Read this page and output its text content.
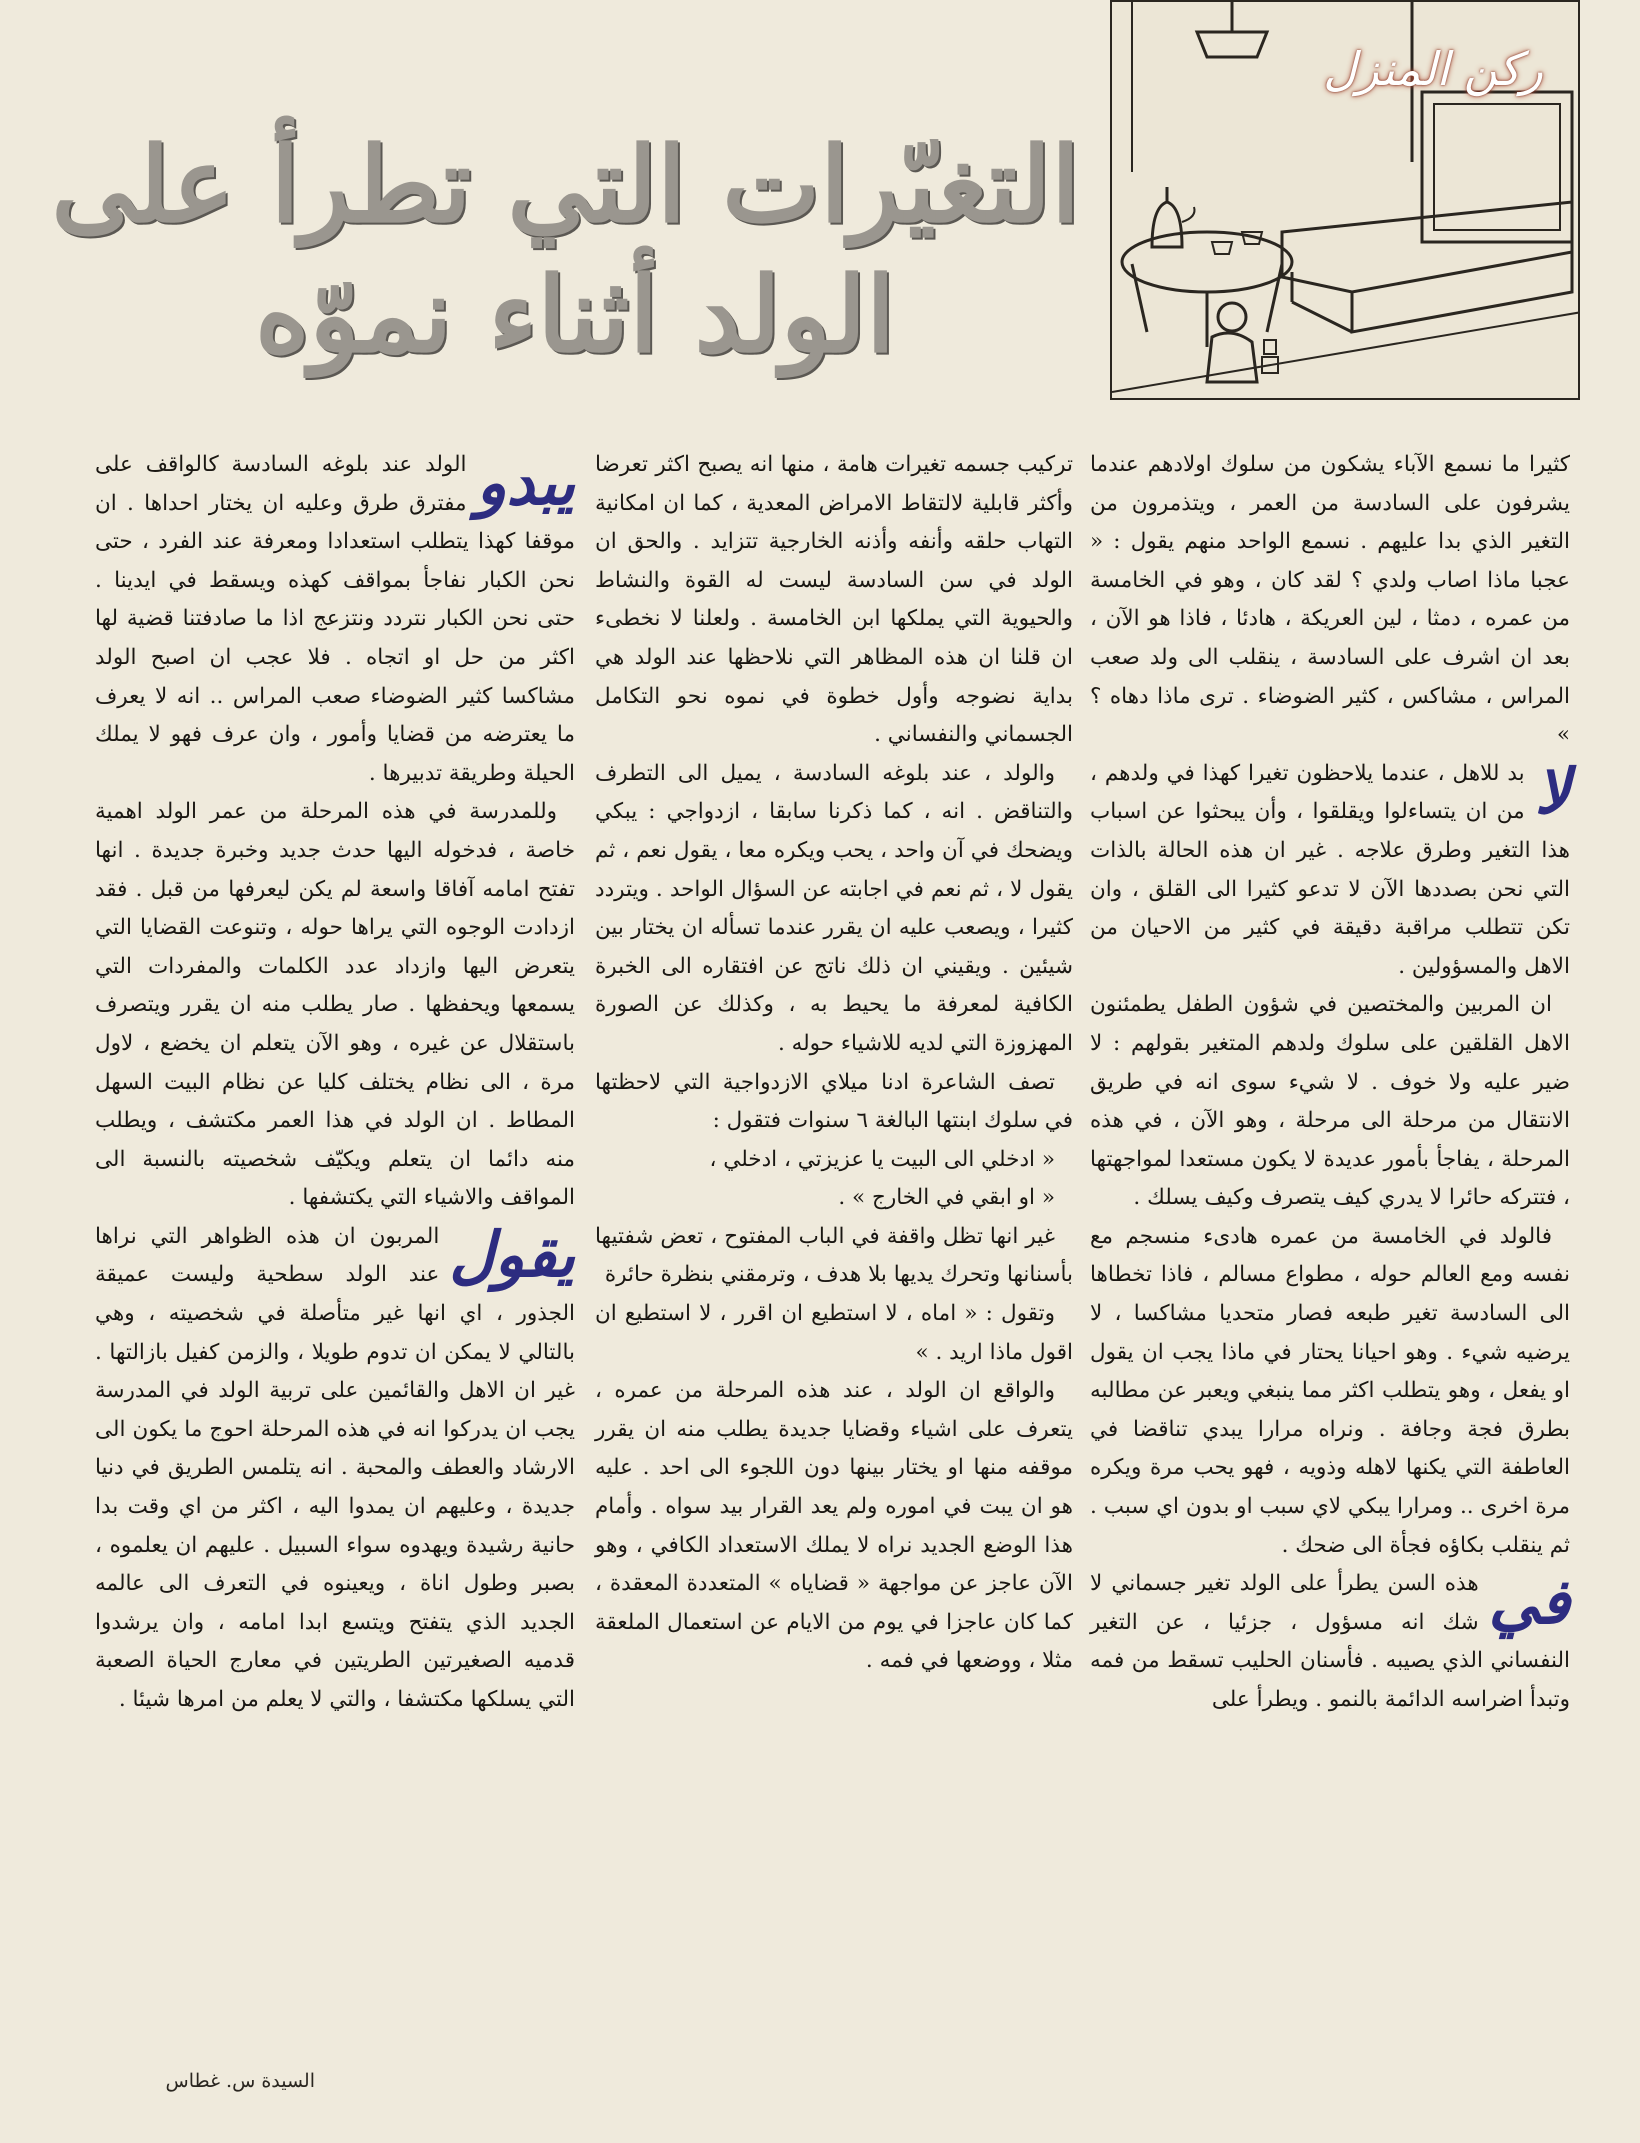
ركن المنزل
التغيّرات التي تطرأ على
الولد أثناء نموّه

كثيرا ما نسمع الآباء يشكون من سلوك اولادهم عندما يشرفون على السادسة من العمر ، ويتذمرون من التغير الذي بدا عليهم . نسمع الواحد منهم يقول : « عجبا ماذا اصاب ولدي ؟ لقد كان ، وهو في الخامسة من عمره ، دمثا ، لين العريكة ، هادئا ، فاذا هو الآن ، بعد ان اشرف على السادسة ، ينقلب الى ولد صعب المراس ، مشاكس ، كثير الضوضاء . ترى ماذا دهاه ؟ »

لا
بد للاهل ، عندما يلاحظون تغيرا كهذا في ولدهم ، من ان يتساءلوا ويقلقوا ، وأن يبحثوا عن اسباب هذا التغير وطرق علاجه . غير ان هذه الحالة بالذات التي نحن بصددها الآن لا تدعو كثيرا الى القلق ، وان تكن تتطلب مراقبة دقيقة في كثير من الاحيان من الاهل والمسؤولين .

ان المربين والمختصين في شؤون الطفل يطمئنون الاهل القلقين على سلوك ولدهم المتغير بقولهم : لا ضير عليه ولا خوف . لا شيء سوى انه في طريق الانتقال من مرحلة الى مرحلة ، وهو الآن ، في هذه المرحلة ، يفاجأ بأمور عديدة لا يكون مستعدا لمواجهتها ، فتتركه حائرا لا يدري كيف يتصرف وكيف يسلك .

فالولد في الخامسة من عمره هادىء منسجم مع نفسه ومع العالم حوله ، مطواع مسالم ، فاذا تخطاها الى السادسة تغير طبعه فصار متحديا مشاكسا ، لا يرضيه شيء . وهو احيانا يحتار في ماذا يجب ان يقول او يفعل ، وهو يتطلب اكثر مما ينبغي ويعبر عن مطالبه بطرق فجة وجافة . ونراه مرارا يبدي تناقضا في العاطفة التي يكنها لاهله وذويه ، فهو يحب مرة ويكره مرة اخرى .. ومرارا يبكي لاي سبب او بدون اي سبب . ثم ينقلب بكاؤه فجأة الى ضحك .

في
هذه السن يطرأ على الولد تغير جسماني لا شك انه مسؤول ، جزئيا ، عن التغير النفساني الذي يصيبه . فأسنان الحليب تسقط من فمه وتبدأ اضراسه الدائمة بالنمو . ويطرأ على

تركيب جسمه تغيرات هامة ، منها انه يصبح اكثر تعرضا وأكثر قابلية لالتقاط الامراض المعدية ، كما ان امكانية التهاب حلقه وأنفه وأذنه الخارجية تتزايد . والحق ان الولد في سن السادسة ليست له القوة والنشاط والحيوية التي يملكها ابن الخامسة . ولعلنا لا نخطىء ان قلنا ان هذه المظاهر التي نلاحظها عند الولد هي بداية نضوجه وأول خطوة في نموه نحو التكامل الجسماني والنفساني .

والولد ، عند بلوغه السادسة ، يميل الى التطرف والتناقض . انه ، كما ذكرنا سابقا ، ازدواجي : يبكي ويضحك في آن واحد ، يحب ويكره معا ، يقول نعم ، ثم يقول لا ، ثم نعم في اجابته عن السؤال الواحد . ويتردد كثيرا ، ويصعب عليه ان يقرر عندما تسأله ان يختار بين شيئين . ويقيني ان ذلك ناتج عن افتقاره الى الخبرة الكافية لمعرفة ما يحيط به ، وكذلك عن الصورة المهزوزة التي لديه للاشياء حوله .

تصف الشاعرة ادنا ميلاي الازدواجية التي لاحظتها في سلوك ابنتها البالغة ٦ سنوات فتقول :

« ادخلي الى البيت يا عزيزتي ، ادخلي ،

« او ابقي في الخارج » .

غير انها تظل واقفة في الباب المفتوح ، تعض شفتيها بأسنانها وتحرك يديها بلا هدف ، وترمقني بنظرة حائرة

وتقول : « اماه ، لا استطيع ان اقرر ، لا استطيع ان اقول ماذا اريد . »

والواقع ان الولد ، عند هذه المرحلة من عمره ، يتعرف على اشياء وقضايا جديدة يطلب منه ان يقرر موقفه منها او يختار بينها دون اللجوء الى احد . عليه هو ان يبت في اموره ولم يعد القرار بيد سواه . وأمام هذا الوضع الجديد نراه لا يملك الاستعداد الكافي ، وهو الآن عاجز عن مواجهة « قضاياه » المتعددة المعقدة ، كما كان عاجزا في يوم من الايام عن استعمال الملعقة مثلا ، ووضعها في فمه .

يبدو
الولد عند بلوغه السادسة كالواقف على مفترق طرق وعليه ان يختار احداها . ان موقفا كهذا يتطلب استعدادا ومعرفة عند الفرد ، حتى نحن الكبار نفاجأ بمواقف كهذه ويسقط في ايدينا . حتى نحن الكبار نتردد ونتزعج اذا ما صادفتنا قضية لها اكثر من حل او اتجاه . فلا عجب ان اصبح الولد مشاكسا كثير الضوضاء صعب المراس .. انه لا يعرف ما يعترضه من قضايا وأمور ، وان عرف فهو لا يملك الحيلة وطريقة تدبيرها .

وللمدرسة في هذه المرحلة من عمر الولد اهمية خاصة ، فدخوله اليها حدث جديد وخبرة جديدة . انها تفتح امامه آفاقا واسعة لم يكن ليعرفها من قبل . فقد ازدادت الوجوه التي يراها حوله ، وتنوعت القضايا التي يتعرض اليها وازداد عدد الكلمات والمفردات التي يسمعها ويحفظها . صار يطلب منه ان يقرر ويتصرف باستقلال عن غيره ، وهو الآن يتعلم ان يخضع ، لاول مرة ، الى نظام يختلف كليا عن نظام البيت السهل المطاط . ان الولد في هذا العمر مكتشف ، ويطلب منه دائما ان يتعلم ويكيّف شخصيته بالنسبة الى المواقف والاشياء التي يكتشفها .

يقول
المربون ان هذه الظواهر التي نراها عند الولد سطحية وليست عميقة الجذور ، اي انها غير متأصلة في شخصيته ، وهي بالتالي لا يمكن ان تدوم طويلا ، والزمن كفيل بازالتها . غير ان الاهل والقائمين على تربية الولد في المدرسة يجب ان يدركوا انه في هذه المرحلة احوج ما يكون الى الارشاد والعطف والمحبة . انه يتلمس الطريق في دنيا جديدة ، وعليهم ان يمدوا اليه ، اكثر من اي وقت بدا حانية رشيدة ويهدوه سواء السبيل . عليهم ان يعلموه ، بصبر وطول اناة ، ويعينوه في التعرف الى عالمه الجديد الذي يتفتح ويتسع ابدا امامه ، وان يرشدوا قدميه الصغيرتين الطريتين في معارج الحياة الصعبة التي يسلكها مكتشفا ، والتي لا يعلم من امرها شيئا .

السيدة س. غطاس
